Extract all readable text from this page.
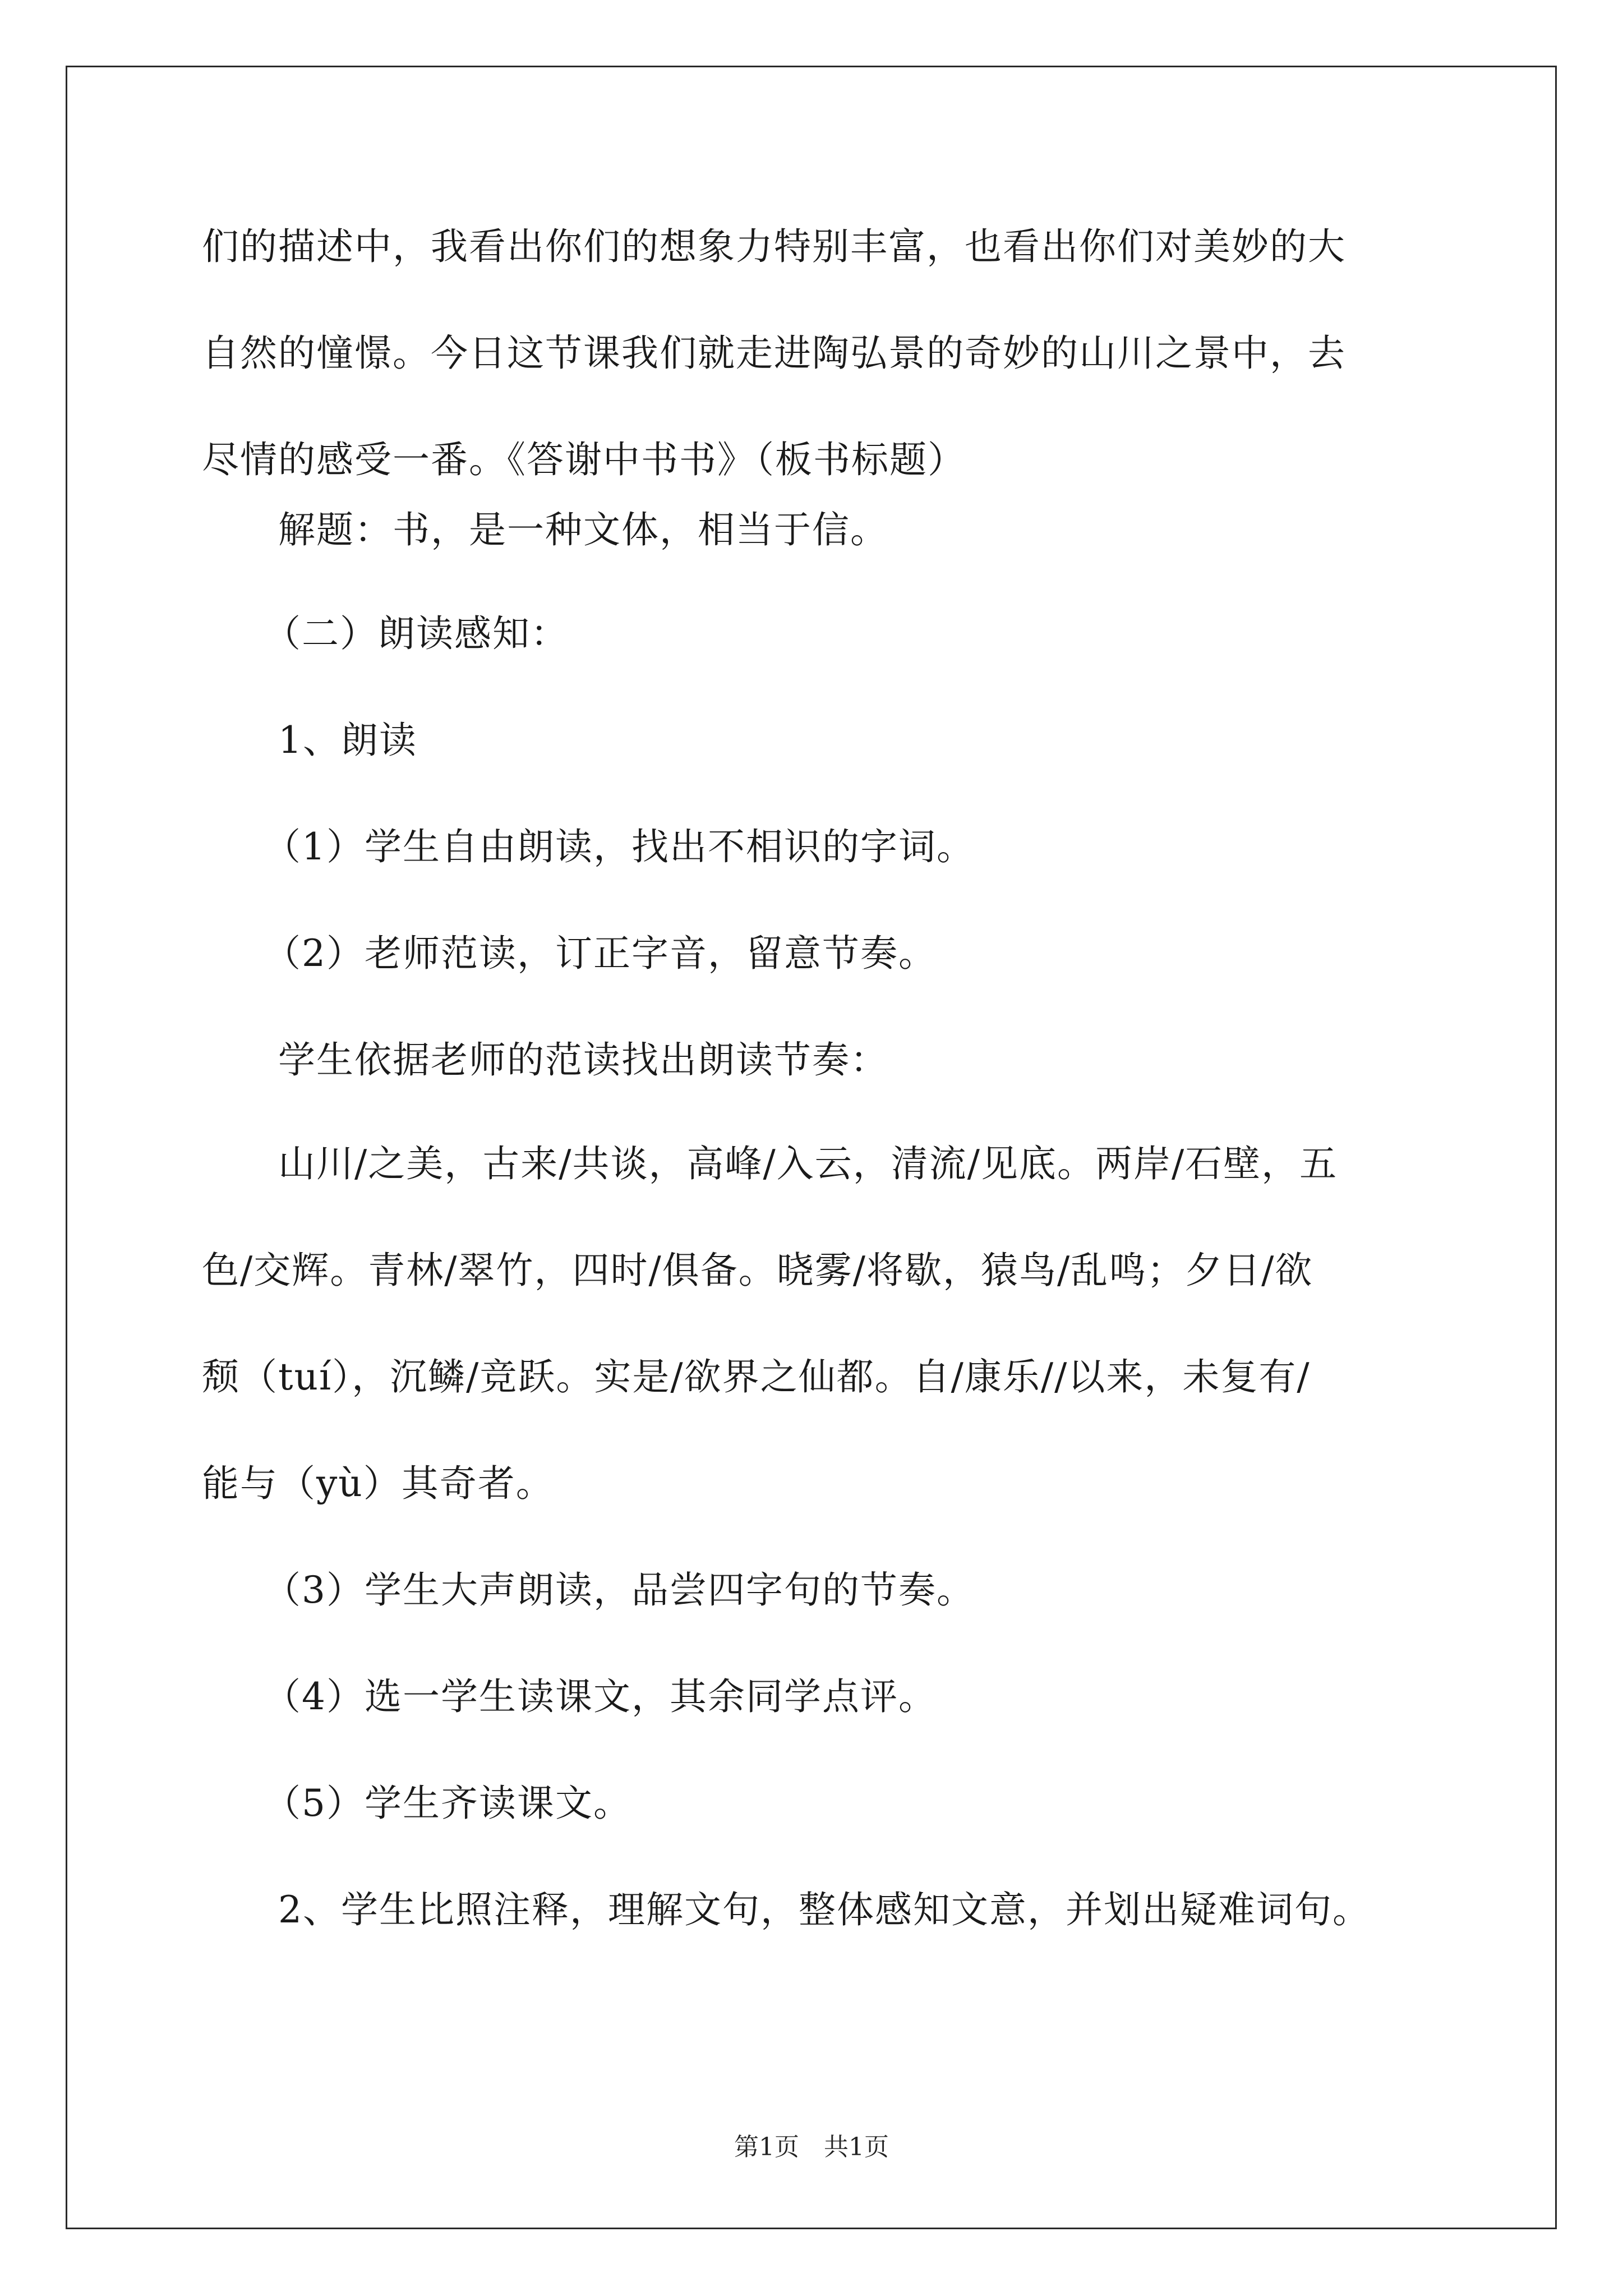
们的描述中，我看出你们的想象力特别丰富，也看出你们对美妙的大
自然的憧憬。今日这节课我们就走进陶弘景的奇妙的山川之景中，去
尽情的感受一番。《答谢中书书》（板书标题）
解题：书，是一种文体，相当于信。
（二）朗读感知：
1、朗读
（1）学生自由朗读，找出不相识的字词。
（2）老师范读，订正字音，留意节奏。
学生依据老师的范读找出朗读节奏：
山川/之美，古来/共谈，高峰/入云，清流/见底。两岸/石壁，五
色/交辉。青林/翠竹，四时/俱备。晓雾/将歇，猿鸟/乱鸣；夕日/欲
颓（tuí），沉鳞/竞跃。实是/欲界之仙都。自/康乐//以来，未复有/
能与（yù）其奇者。
（3）学生大声朗读，品尝四字句的节奏。
（4）选一学生读课文，其余同学点评。
（5）学生齐读课文。
2、学生比照注释，理解文句，整体感知文意，并划出疑难词句。
第1页　共1页
